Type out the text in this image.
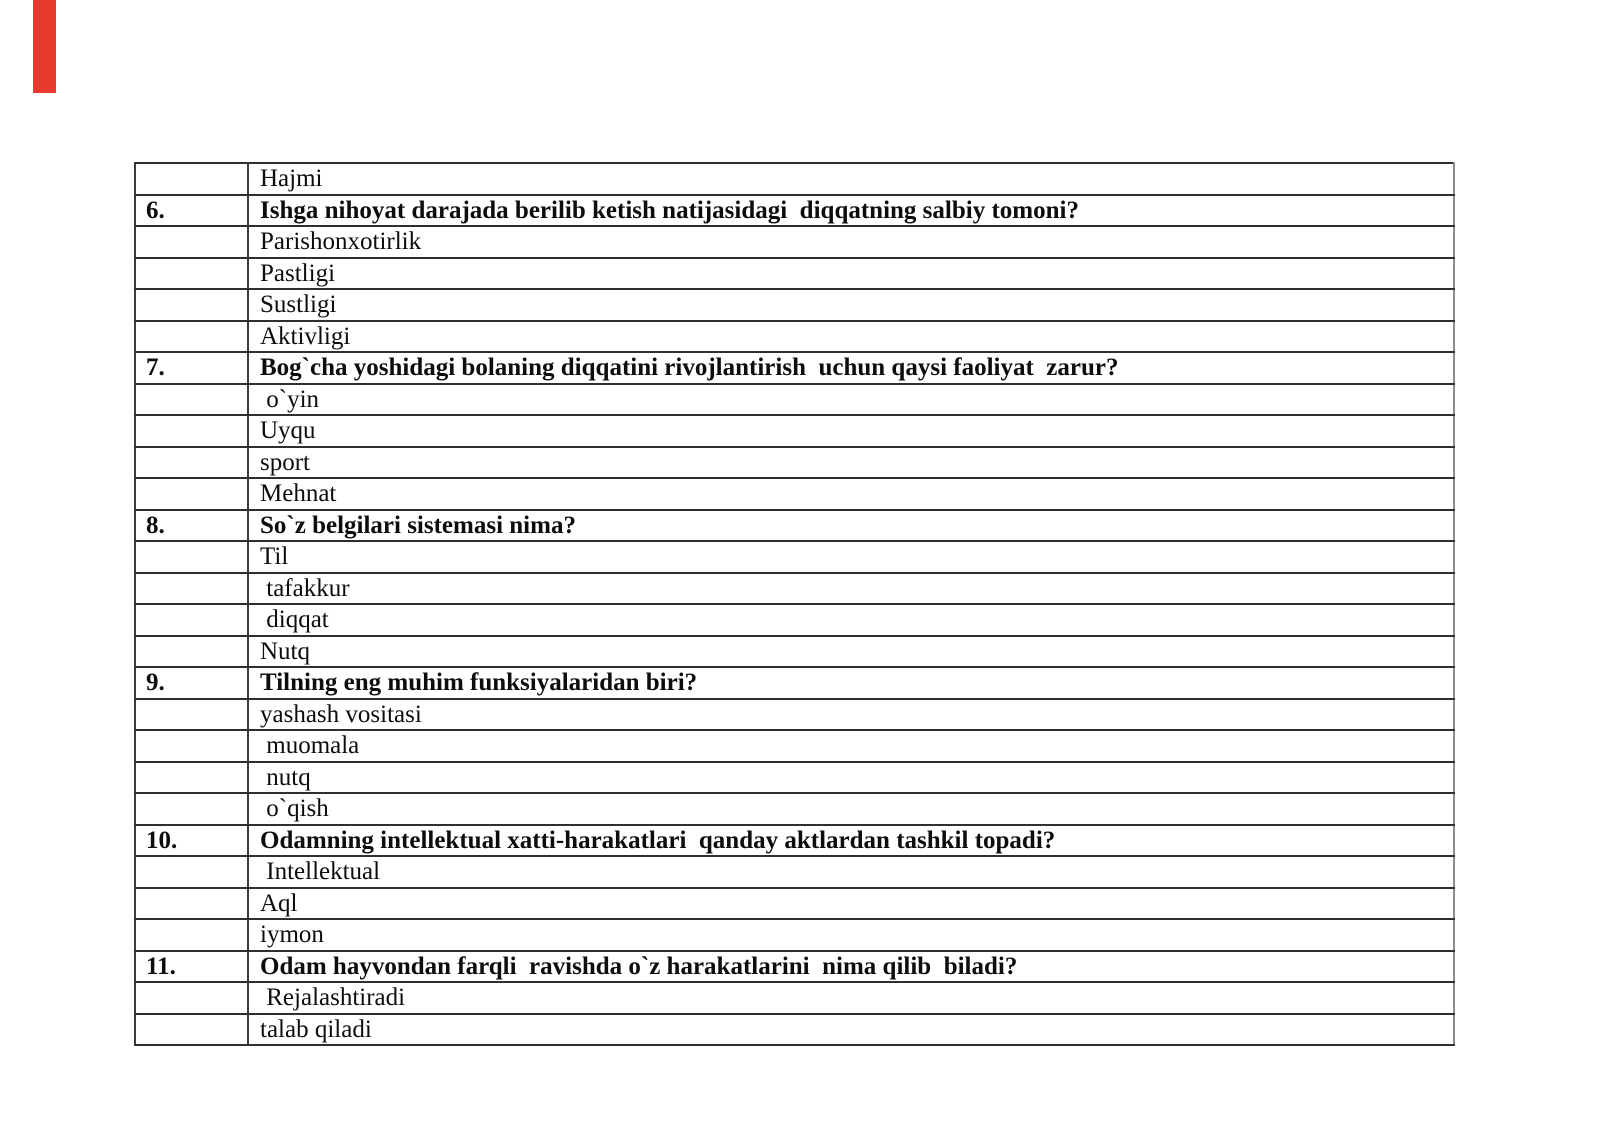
	Hajmi
6.	Ishga nihoyat darajada berilib ketish natijasidagi  diqqatning salbiy tomoni?
	Parishonxotirlik
	Pastligi
	Sustligi
	Aktivligi
7.	Bog`cha yoshidagi bolaning diqqatini rivojlantirish  uchun qaysi faoliyat  zarur?
	o`yin
	Uyqu
	sport
	Mehnat
8.	So`z belgilari sistemasi nima?
	Til
	tafakkur
	diqqat
	Nutq
9.	Tilning eng muhim funksiyalaridan biri?
	yashash vositasi
	muomala
	nutq
	o`qish
10.	Odamning intellektual xatti-harakatlari  qanday aktlardan tashkil topadi?
	Intellektual
	Aql
	iymon
11.	Odam hayvondan farqli  ravishda o`z harakatlarini  nima qilib  biladi?
	Rejalashtiradi
	talab qiladi
